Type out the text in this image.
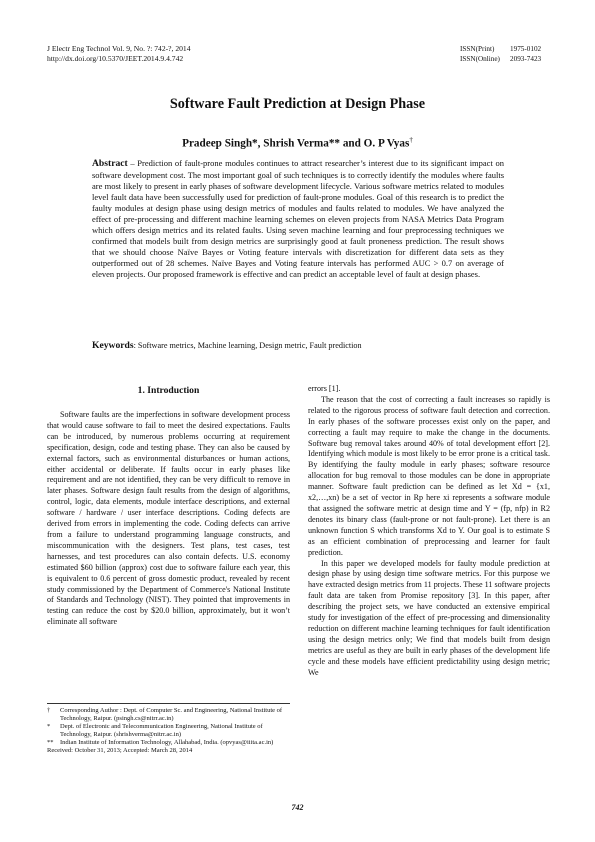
J Electr Eng Technol Vol. 9, No. ?: 742-?, 2014
http://dx.doi.org/10.5370/JEET.2014.9.4.742
ISSN(Print)	1975-0102
ISSN(Online)	2093-7423
Software Fault Prediction at Design Phase
Pradeep Singh*, Shrish Verma** and O. P Vyas†
Abstract – Prediction of fault-prone modules continues to attract researcher’s interest due to its significant impact on software development cost. The most important goal of such techniques is to correctly identify the modules where faults are most likely to present in early phases of software development lifecycle. Various software metrics related to modules level fault data have been successfully used for prediction of fault-prone modules. Goal of this research is to predict the faulty modules at design phase using design metrics of modules and faults related to modules. We have analyzed the effect of pre-processing and different machine learning schemes on eleven projects from NASA Metrics Data Program which offers design metrics and its related faults. Using seven machine learning and four preprocessing techniques we confirmed that models built from design metrics are surprisingly good at fault proneness prediction. The result shows that we should choose Naïve Bayes or Voting feature intervals with discretization for different data sets as they outperformed out of 28 schemes. Naïve Bayes and Voting feature intervals has performed AUC > 0.7 on average of eleven projects. Our proposed framework is effective and can predict an acceptable level of fault at design phases.
Keywords: Software metrics, Machine learning, Design metric, Fault prediction
1. Introduction

Software faults are the imperfections in software development process that would cause software to fail to meet the desired expectations. Faults can be introduced, by numerous problems occurring at requirement specification, design, code and testing phase. They can also be caused by external factors, such as environmental disturbances or human actions, either accidental or deliberate. If faults occur in early phases like requirement and are not identified, they can be very difficult to remove in later phases. Software design fault results from the design of algorithms, control, logic, data elements, module interface descriptions, and external software / hardware / user interface descriptions. Coding defects are derived from errors in implementing the code. Coding defects can arrive from a failure to understand programming language constructs, and miscommunication with the designers. Test plans, test cases, test harnesses, and test procedures can also contain defects. U.S. economy estimated $60 billion (approx) cost due to software failure each year, this is equivalent to 0.6 percent of gross domestic product, revealed by recent study commissioned by the Department of Commerce's National Institute of Standards and Technology (NIST). They pointed that improvements in testing can reduce the cost by $20.0 billion, approximately, but it won’t eliminate all software

errors [1].

The reason that the cost of correcting a fault increases so rapidly is related to the rigorous process of software fault detection and correction. In early phases of the software processes exist only on the paper, and correcting a fault may require to make the change in the documents. Software bug removal takes around 40% of total development effort [2]. Identifying which module is most likely to be error prone is a critical task. By identifying the faulty module in early phases; software resource allocation for bug removal to those modules can be done in appropriate manner. Software fault prediction can be defined as let Xd = {x1, x2,…,xn) be a set of vector in Rp here xi represents a software module that assigned the software metric at design time and Y = (fp, nfp) in R2 denotes its binary class (fault-prone or not fault-prone). Let there is an unknown function S which transforms Xd to Y. Our goal is to estimate S as an efficient combination of preprocessing and learner for fault prediction.

In this paper we developed models for faulty module prediction at design phase by using design time software metrics. For this purpose we have extracted design metrics from 11 projects. These 11 software projects fault data are taken from Promise repository [3]. In this paper, after describing the project sets, we have conducted an extensive empirical study for investigation of the effect of pre-processing and dimensionality reduction on different machine learning techniques for fault identification using the design metrics only; We find that models built from design metrics are useful as they are built in early phases of the development life cycle and these models have efficient predictability using design metric; We

†	Corresponding Author : Dept. of Computer Sc. and Engineering, National Institute of Technology, Raipur. (psingh.cs@nitrr.ac.in)
*	Dept. of Electronic and Telecommunication Engineering, National Institute of Technology, Raipur. (shrishverma@nitrr.ac.in)
**	Indian Institute of Information Technology, Allahabad, India. (opvyas@iiita.ac.in)
Received: October 31, 2013; Accepted: March 28, 2014
742
